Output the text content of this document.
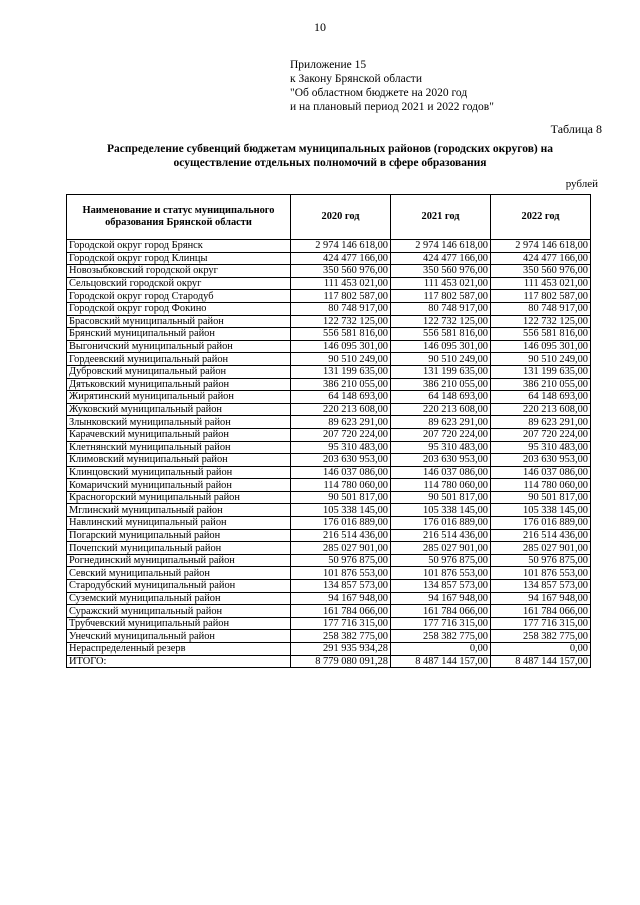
10
Приложение 15
к Закону Брянской области
"Об областном бюджете на 2020 год
и на плановый период 2021 и 2022 годов"
Таблица 8
Распределение субвенций бюджетам муниципальных районов (городских округов) на
осуществление отдельных полномочий в сфере образования
рублей
Наименование и статус муниципального образования Брянской области	2020 год	2021 год	2022 год
Городской округ город Брянск	2 974 146 618,00	2 974 146 618,00	2 974 146 618,00
Городской округ город Клинцы	424 477 166,00	424 477 166,00	424 477 166,00
Новозыбковский городской округ	350 560 976,00	350 560 976,00	350 560 976,00
Сельцовский городской округ	111 453 021,00	111 453 021,00	111 453 021,00
Городской округ город Стародуб	117 802 587,00	117 802 587,00	117 802 587,00
Городской округ город Фокино	80 748 917,00	80 748 917,00	80 748 917,00
Брасовский муниципальный район	122 732 125,00	122 732 125,00	122 732 125,00
Брянский муниципальный район	556 581 816,00	556 581 816,00	556 581 816,00
Выгоничский муниципальный район	146 095 301,00	146 095 301,00	146 095 301,00
Гордеевский муниципальный район	90 510 249,00	90 510 249,00	90 510 249,00
Дубровский муниципальный район	131 199 635,00	131 199 635,00	131 199 635,00
Дятьковский муниципальный район	386 210 055,00	386 210 055,00	386 210 055,00
Жирятинский муниципальный район	64 148 693,00	64 148 693,00	64 148 693,00
Жуковский муниципальный район	220 213 608,00	220 213 608,00	220 213 608,00
Злынковский муниципальный район	89 623 291,00	89 623 291,00	89 623 291,00
Карачевский муниципальный район	207 720 224,00	207 720 224,00	207 720 224,00
Клетнянский муниципальный район	95 310 483,00	95 310 483,00	95 310 483,00
Климовский муниципальный район	203 630 953,00	203 630 953,00	203 630 953,00
Клинцовский муниципальный район	146 037 086,00	146 037 086,00	146 037 086,00
Комаричский муниципальный район	114 780 060,00	114 780 060,00	114 780 060,00
Красногорский муниципальный район	90 501 817,00	90 501 817,00	90 501 817,00
Мглинский муниципальный район	105 338 145,00	105 338 145,00	105 338 145,00
Навлинский муниципальный район	176 016 889,00	176 016 889,00	176 016 889,00
Погарский муниципальный район	216 514 436,00	216 514 436,00	216 514 436,00
Почепский муниципальный район	285 027 901,00	285 027 901,00	285 027 901,00
Рогнединский муниципальный район	50 976 875,00	50 976 875,00	50 976 875,00
Севский муниципальный район	101 876 553,00	101 876 553,00	101 876 553,00
Стародубский муниципальный район	134 857 573,00	134 857 573,00	134 857 573,00
Суземский муниципальный район	94 167 948,00	94 167 948,00	94 167 948,00
Суражский муниципальный район	161 784 066,00	161 784 066,00	161 784 066,00
Трубчевский муниципальный район	177 716 315,00	177 716 315,00	177 716 315,00
Унечский муниципальный район	258 382 775,00	258 382 775,00	258 382 775,00
Нераспределенный резерв	291 935 934,28	0,00	0,00
ИТОГО:	8 779 080 091,28	8 487 144 157,00	8 487 144 157,00
